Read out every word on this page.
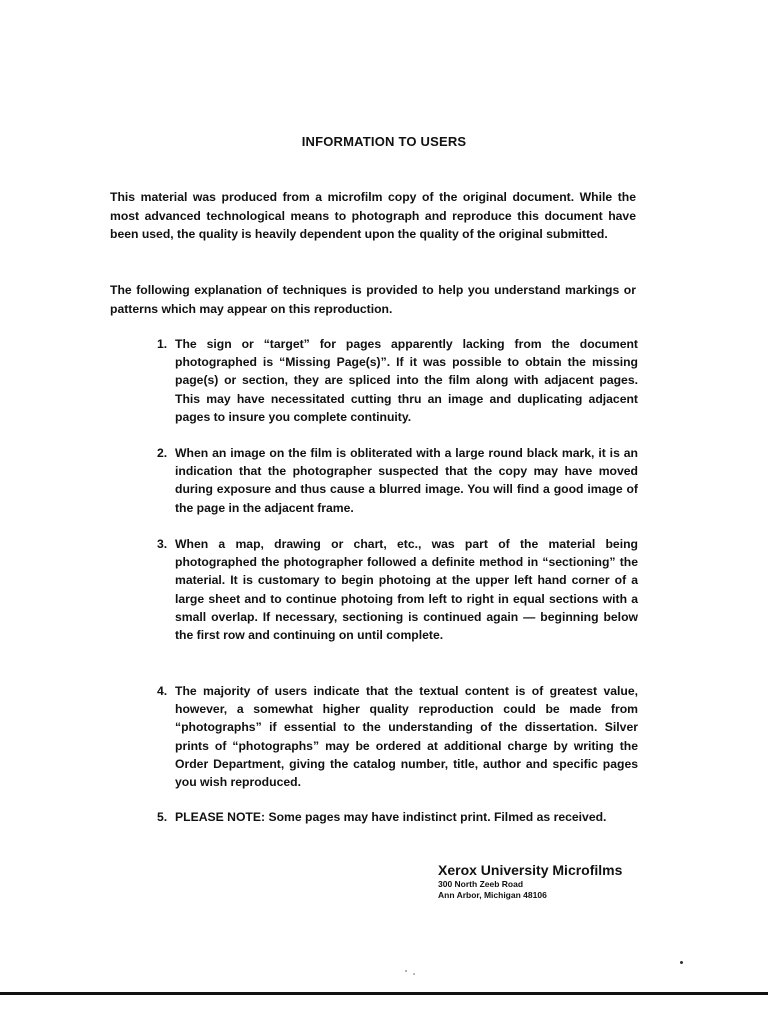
INFORMATION TO USERS
This material was produced from a microfilm copy of the original document. While the most advanced technological means to photograph and reproduce this document have been used, the quality is heavily dependent upon the quality of the original submitted.
The following explanation of techniques is provided to help you understand markings or patterns which may appear on this reproduction.
1. The sign or “target” for pages apparently lacking from the document photographed is “Missing Page(s)”. If it was possible to obtain the missing page(s) or section, they are spliced into the film along with adjacent pages. This may have necessitated cutting thru an image and duplicating adjacent pages to insure you complete continuity.
2. When an image on the film is obliterated with a large round black mark, it is an indication that the photographer suspected that the copy may have moved during exposure and thus cause a blurred image. You will find a good image of the page in the adjacent frame.
3. When a map, drawing or chart, etc., was part of the material being photographed the photographer followed a definite method in “sectioning” the material. It is customary to begin photoing at the upper left hand corner of a large sheet and to continue photoing from left to right in equal sections with a small overlap. If necessary, sectioning is continued again — beginning below the first row and continuing on until complete.
4. The majority of users indicate that the textual content is of greatest value, however, a somewhat higher quality reproduction could be made from “photographs” if essential to the understanding of the dissertation. Silver prints of “photographs” may be ordered at additional charge by writing the Order Department, giving the catalog number, title, author and specific pages you wish reproduced.
5. PLEASE NOTE: Some pages may have indistinct print. Filmed as received.
Xerox University Microfilms
300 North Zeeb Road
Ann Arbor, Michigan 48106
